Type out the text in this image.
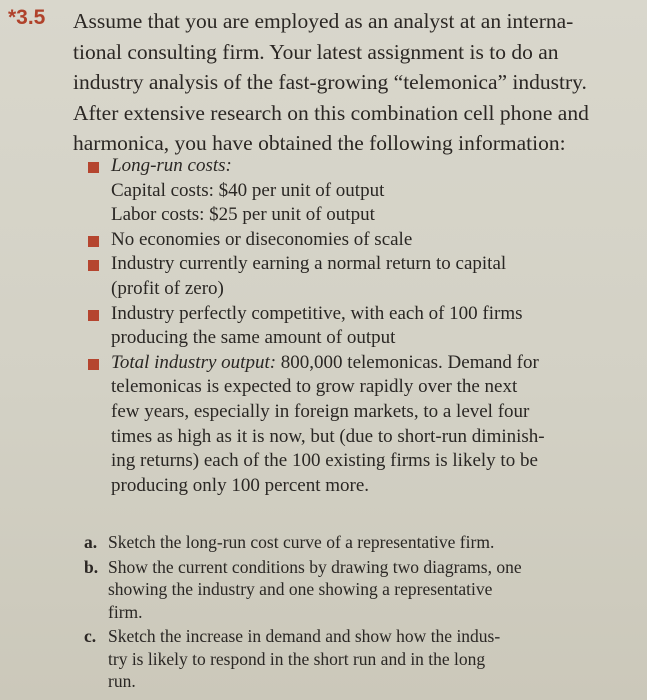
*3.5 Assume that you are employed as an analyst at an interna-
tional consulting firm. Your latest assignment is to do an
industry analysis of the fast-growing “telemonica” industry.
After extensive research on this combination cell phone and
harmonica, you have obtained the following information:
Long-run costs:
Capital costs: $40 per unit of output
Labor costs: $25 per unit of output
No economies or diseconomies of scale
Industry currently earning a normal return to capital
(profit of zero)
Industry perfectly competitive, with each of 100 firms
producing the same amount of output
Total industry output: 800,000 telemonicas. Demand for
telemonicas is expected to grow rapidly over the next
few years, especially in foreign markets, to a level four
times as high as it is now, but (due to short-run diminish-
ing returns) each of the 100 existing firms is likely to be
producing only 100 percent more.
a. Sketch the long-run cost curve of a representative firm.
b. Show the current conditions by drawing two diagrams, one
showing the industry and one showing a representative
firm.
c. Sketch the increase in demand and show how the indus-
try is likely to respond in the short run and in the long
run.
